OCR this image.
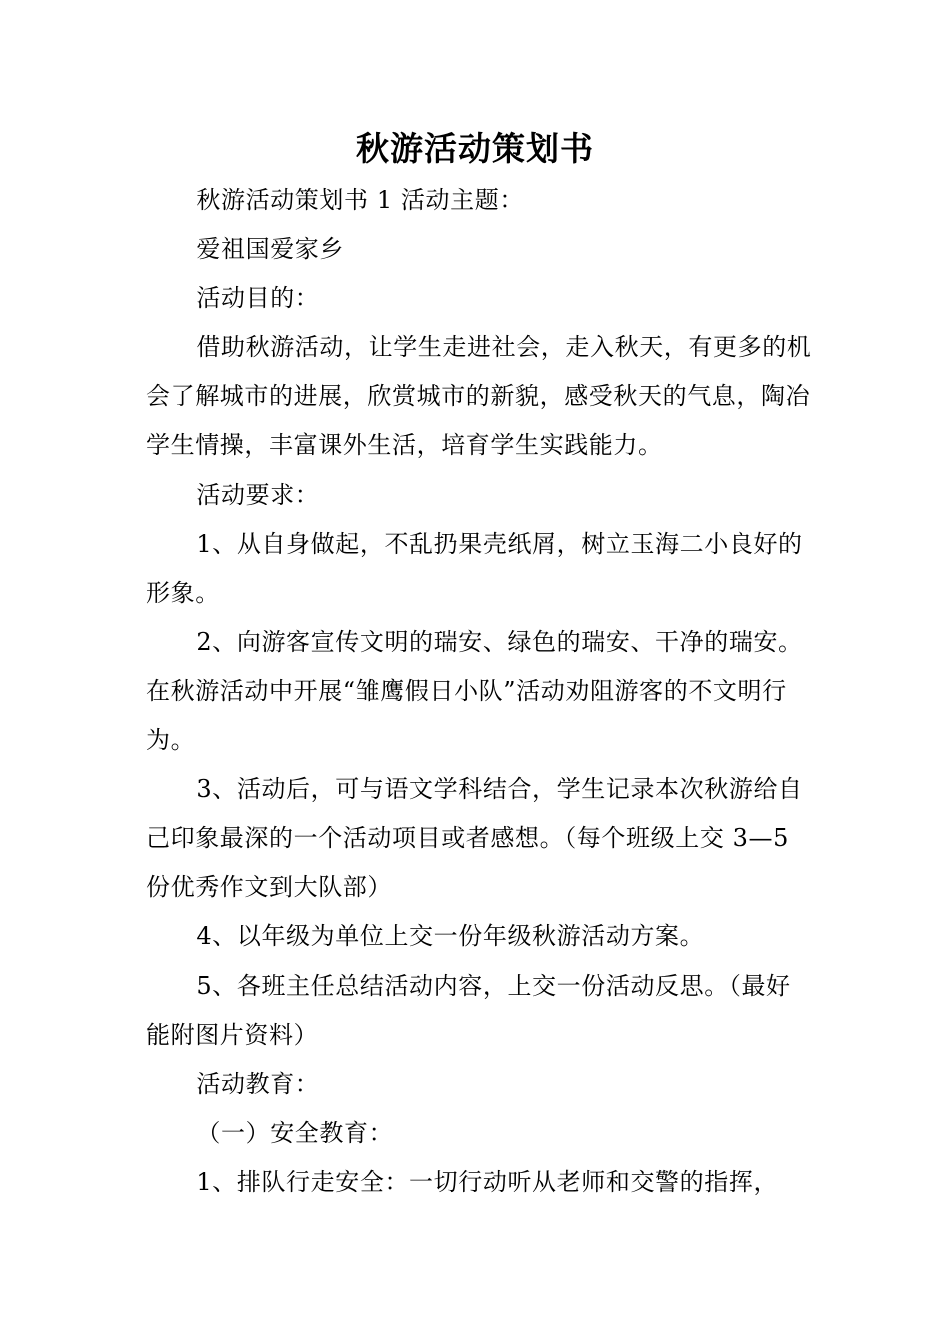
秋游活动策划书

秋游活动策划书 1 活动主题：

爱祖国爱家乡

活动目的：

借助秋游活动，让学生走进社会，走入秋天，有更多的机会了解城市的进展，欣赏城市的新貌，感受秋天的气息，陶冶学生情操，丰富课外生活，培育学生实践能力。

活动要求：

1、从自身做起，不乱扔果壳纸屑，树立玉海二小良好的形象。

2、向游客宣传文明的瑞安、绿色的瑞安、干净的瑞安。在秋游活动中开展“雏鹰假日小队”活动劝阻游客的不文明行为。

3、活动后，可与语文学科结合，学生记录本次秋游给自己印象最深的一个活动项目或者感想。（每个班级上交 3—5 份优秀作文到大队部）

4、以年级为单位上交一份年级秋游活动方案。

5、各班主任总结活动内容，上交一份活动反思。（最好能附图片资料）

活动教育：

（一）安全教育：

1、排队行走安全：一切行动听从老师和交警的指挥，
